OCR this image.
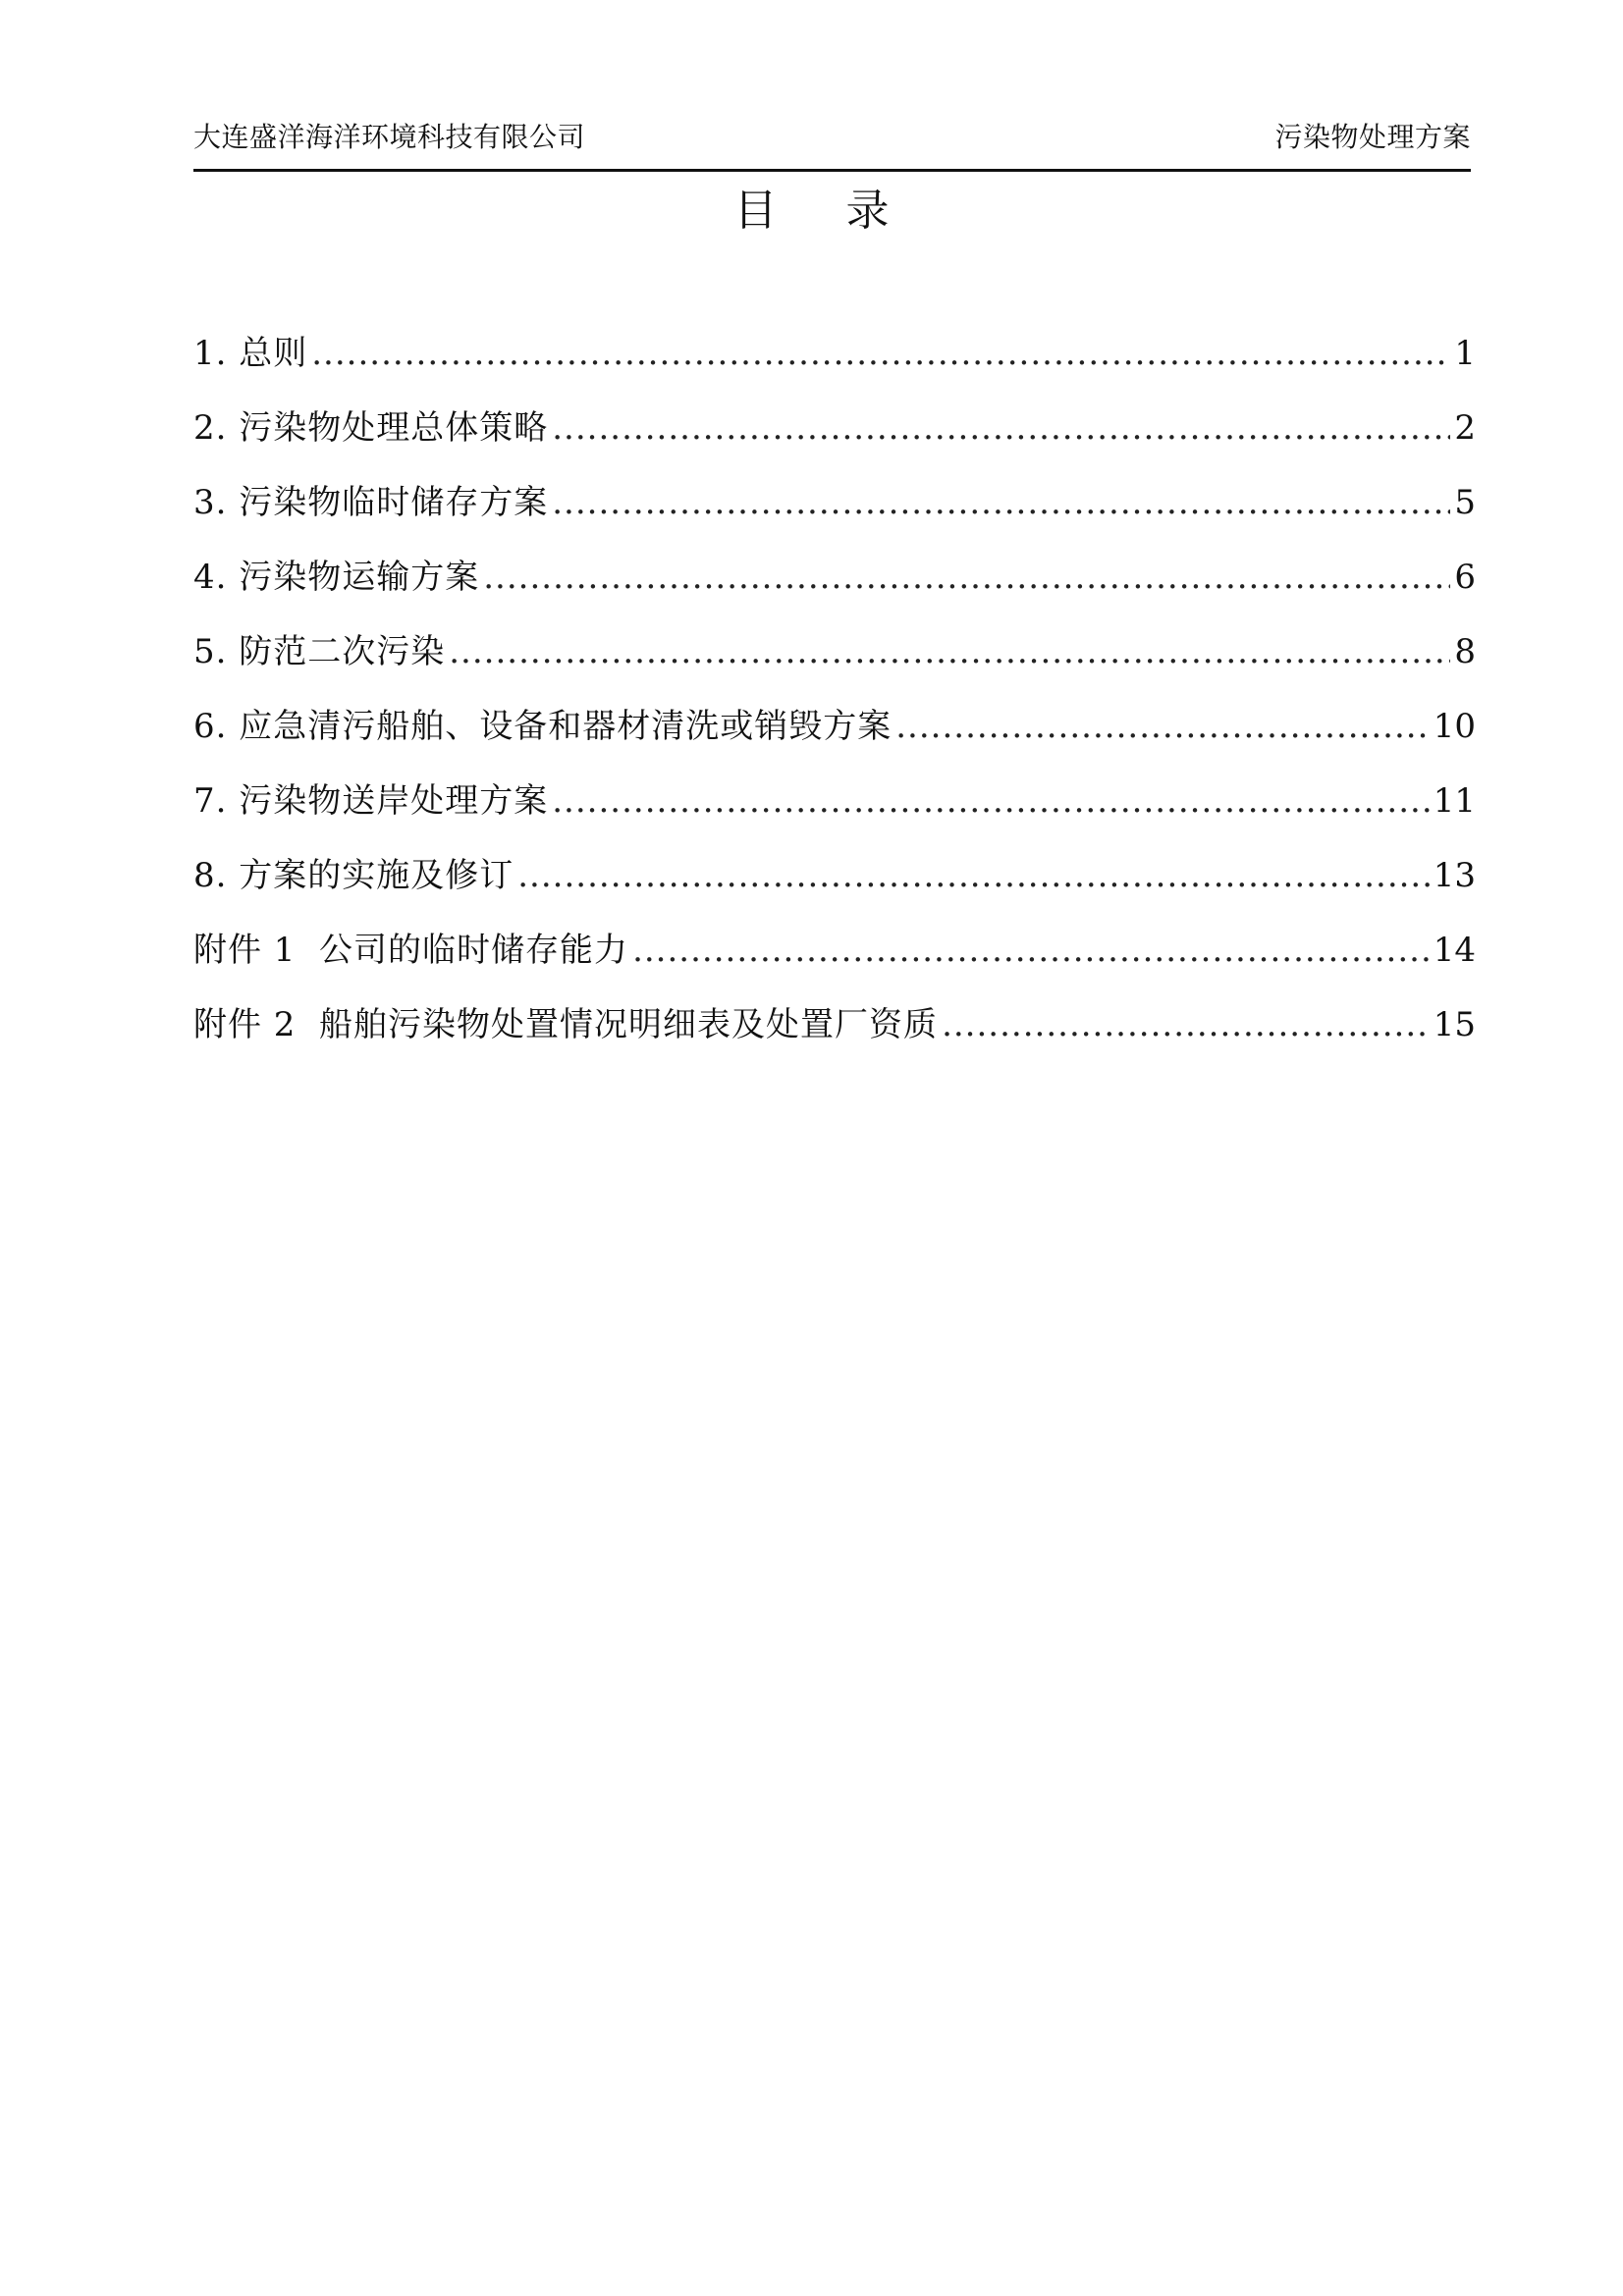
大连盛洋海洋环境科技有限公司	污染物处理方案
目 录
1. 总则 .....	1
2. 污染物处理总体策略 .....	2
3. 污染物临时储存方案 .....	5
4. 污染物运输方案 .....	6
5. 防范二次污染 .....	8
6. 应急清污船舶、设备和器材清洗或销毁方案 .....	10
7. 污染物送岸处理方案 .....	11
8. 方案的实施及修订 .....	13
附件 1  公司的临时储存能力 .....	14
附件 2  船舶污染物处置情况明细表及处置厂资质 .....	15
